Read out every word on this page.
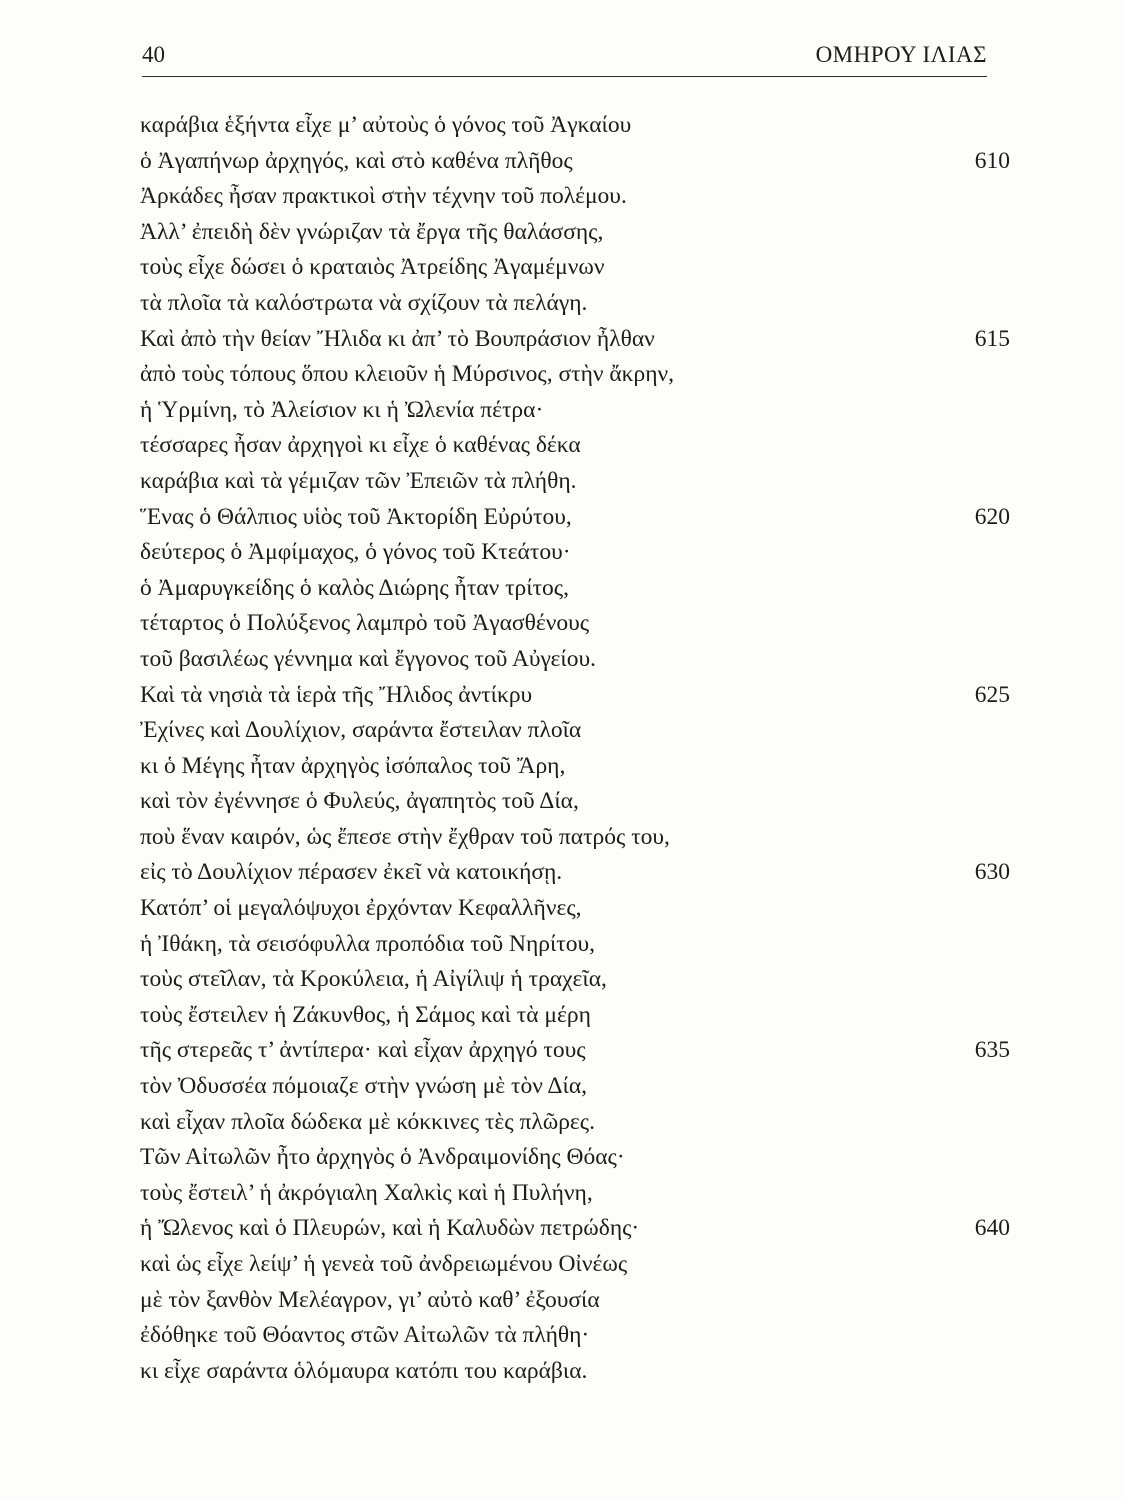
40	ΟΜΗΡΟΥ ΙΛΙΑΣ
καράβια ἑξήντα εἶχε μ’ αὐτοὺς ὁ γόνος τοῦ Ἀγκαίου
ὁ Ἀγαπήνωρ ἀρχηγός, καὶ στὸ καθένα πλῆθος	610
Ἀρκάδες ἦσαν πρακτικοὶ στὴν τέχνην τοῦ πολέμου.
Ἀλλ’ ἐπειδὴ δὲν γνώριζαν τὰ ἔργα τῆς θαλάσσης,
τοὺς εἶχε δώσει ὁ κραταιὸς Ἀτρείδης Ἀγαμέμνων
τὰ πλοῖα τὰ καλόστρωτα νὰ σχίζουν τὰ πελάγη.
Καὶ ἀπὸ τὴν θείαν Ἤλιδα κι ἀπ’ τὸ Βουπράσιον ἦλθαν	615
ἀπὸ τοὺς τόπους ὅπου κλειοῦν ἡ Μύρσινος, στὴν ἄκρην,
ἡ Ὑρμίνη, τὸ Ἀλείσιον κι ἡ Ὠλενία πέτρα·
τέσσαρες ἦσαν ἀρχηγοὶ κι εἶχε ὁ καθένας δέκα
καράβια καὶ τὰ γέμιζαν τῶν Ἐπειῶν τὰ πλήθη.
Ἕνας ὁ Θάλπιος υἱὸς τοῦ Ἀκτορίδη Εὐρύτου,	620
δεύτερος ὁ Ἀμφίμαχος, ὁ γόνος τοῦ Κτεάτου·
ὁ Ἀμαρυγκείδης ὁ καλὸς Διώρης ἦταν τρίτος,
τέταρτος ὁ Πολύξενος λαμπρὸ τοῦ Ἀγασθένους
τοῦ βασιλέως γέννημα καὶ ἔγγονος τοῦ Αὐγείου.
Καὶ τὰ νησιὰ τὰ ἱερὰ τῆς Ἤλιδος ἀντίκρυ	625
Ἐχίνες καὶ Δουλίχιον, σαράντα ἔστειλαν πλοῖα
κι ὁ Μέγης ἦταν ἀρχηγὸς ἰσόπαλος τοῦ Ἄρη,
καὶ τὸν ἐγέννησε ὁ Φυλεύς, ἀγαπητὸς τοῦ Δία,
ποὺ ἕναν καιρόν, ὡς ἔπεσε στὴν ἔχθραν τοῦ πατρός του,
εἰς τὸ Δουλίχιον πέρασεν ἐκεῖ νὰ κατοικήσῃ.	630
Κατόπ’ οἱ μεγαλόψυχοι ἐρχόνταν Κεφαλλῆνες,
ἡ Ἰθάκη, τὰ σεισόφυλλα προπόδια τοῦ Νηρίτου,
τοὺς στεῖλαν, τὰ Κροκύλεια, ἡ Αἰγίλιψ ἡ τραχεῖα,
τοὺς ἔστειλεν ἡ Ζάκυνθος, ἡ Σάμος καὶ τὰ μέρη
τῆς στερεᾶς τ’ ἀντίπερα· καὶ εἶχαν ἀρχηγό τους	635
τὸν Ὀδυσσέα πόμοιαζε στὴν γνώση μὲ τὸν Δία,
καὶ εἶχαν πλοῖα δώδεκα μὲ κόκκινες τὲς πλῶρες.
Τῶν Αἰτωλῶν ἦτο ἀρχηγὸς ὁ Ἀνδραιμονίδης Θόας·
τοὺς ἔστειλ’ ἡ ἀκρόγιαλη Χαλκὶς καὶ ἡ Πυλήνη,
ἡ Ὤλενος καὶ ὁ Πλευρών, καὶ ἡ Καλυδὼν πετρώδης·	640
καὶ ὡς εἶχε λείψ’ ἡ γενεὰ τοῦ ἀνδρειωμένου Οἰνέως
μὲ τὸν ξανθὸν Μελέαγρον, γι’ αὐτὸ καθ’ ἐξουσία
ἐδόθηκε τοῦ Θόαντος στῶν Αἰτωλῶν τὰ πλήθη·
κι εἶχε σαράντα ὁλόμαυρα κατόπι του καράβια.
